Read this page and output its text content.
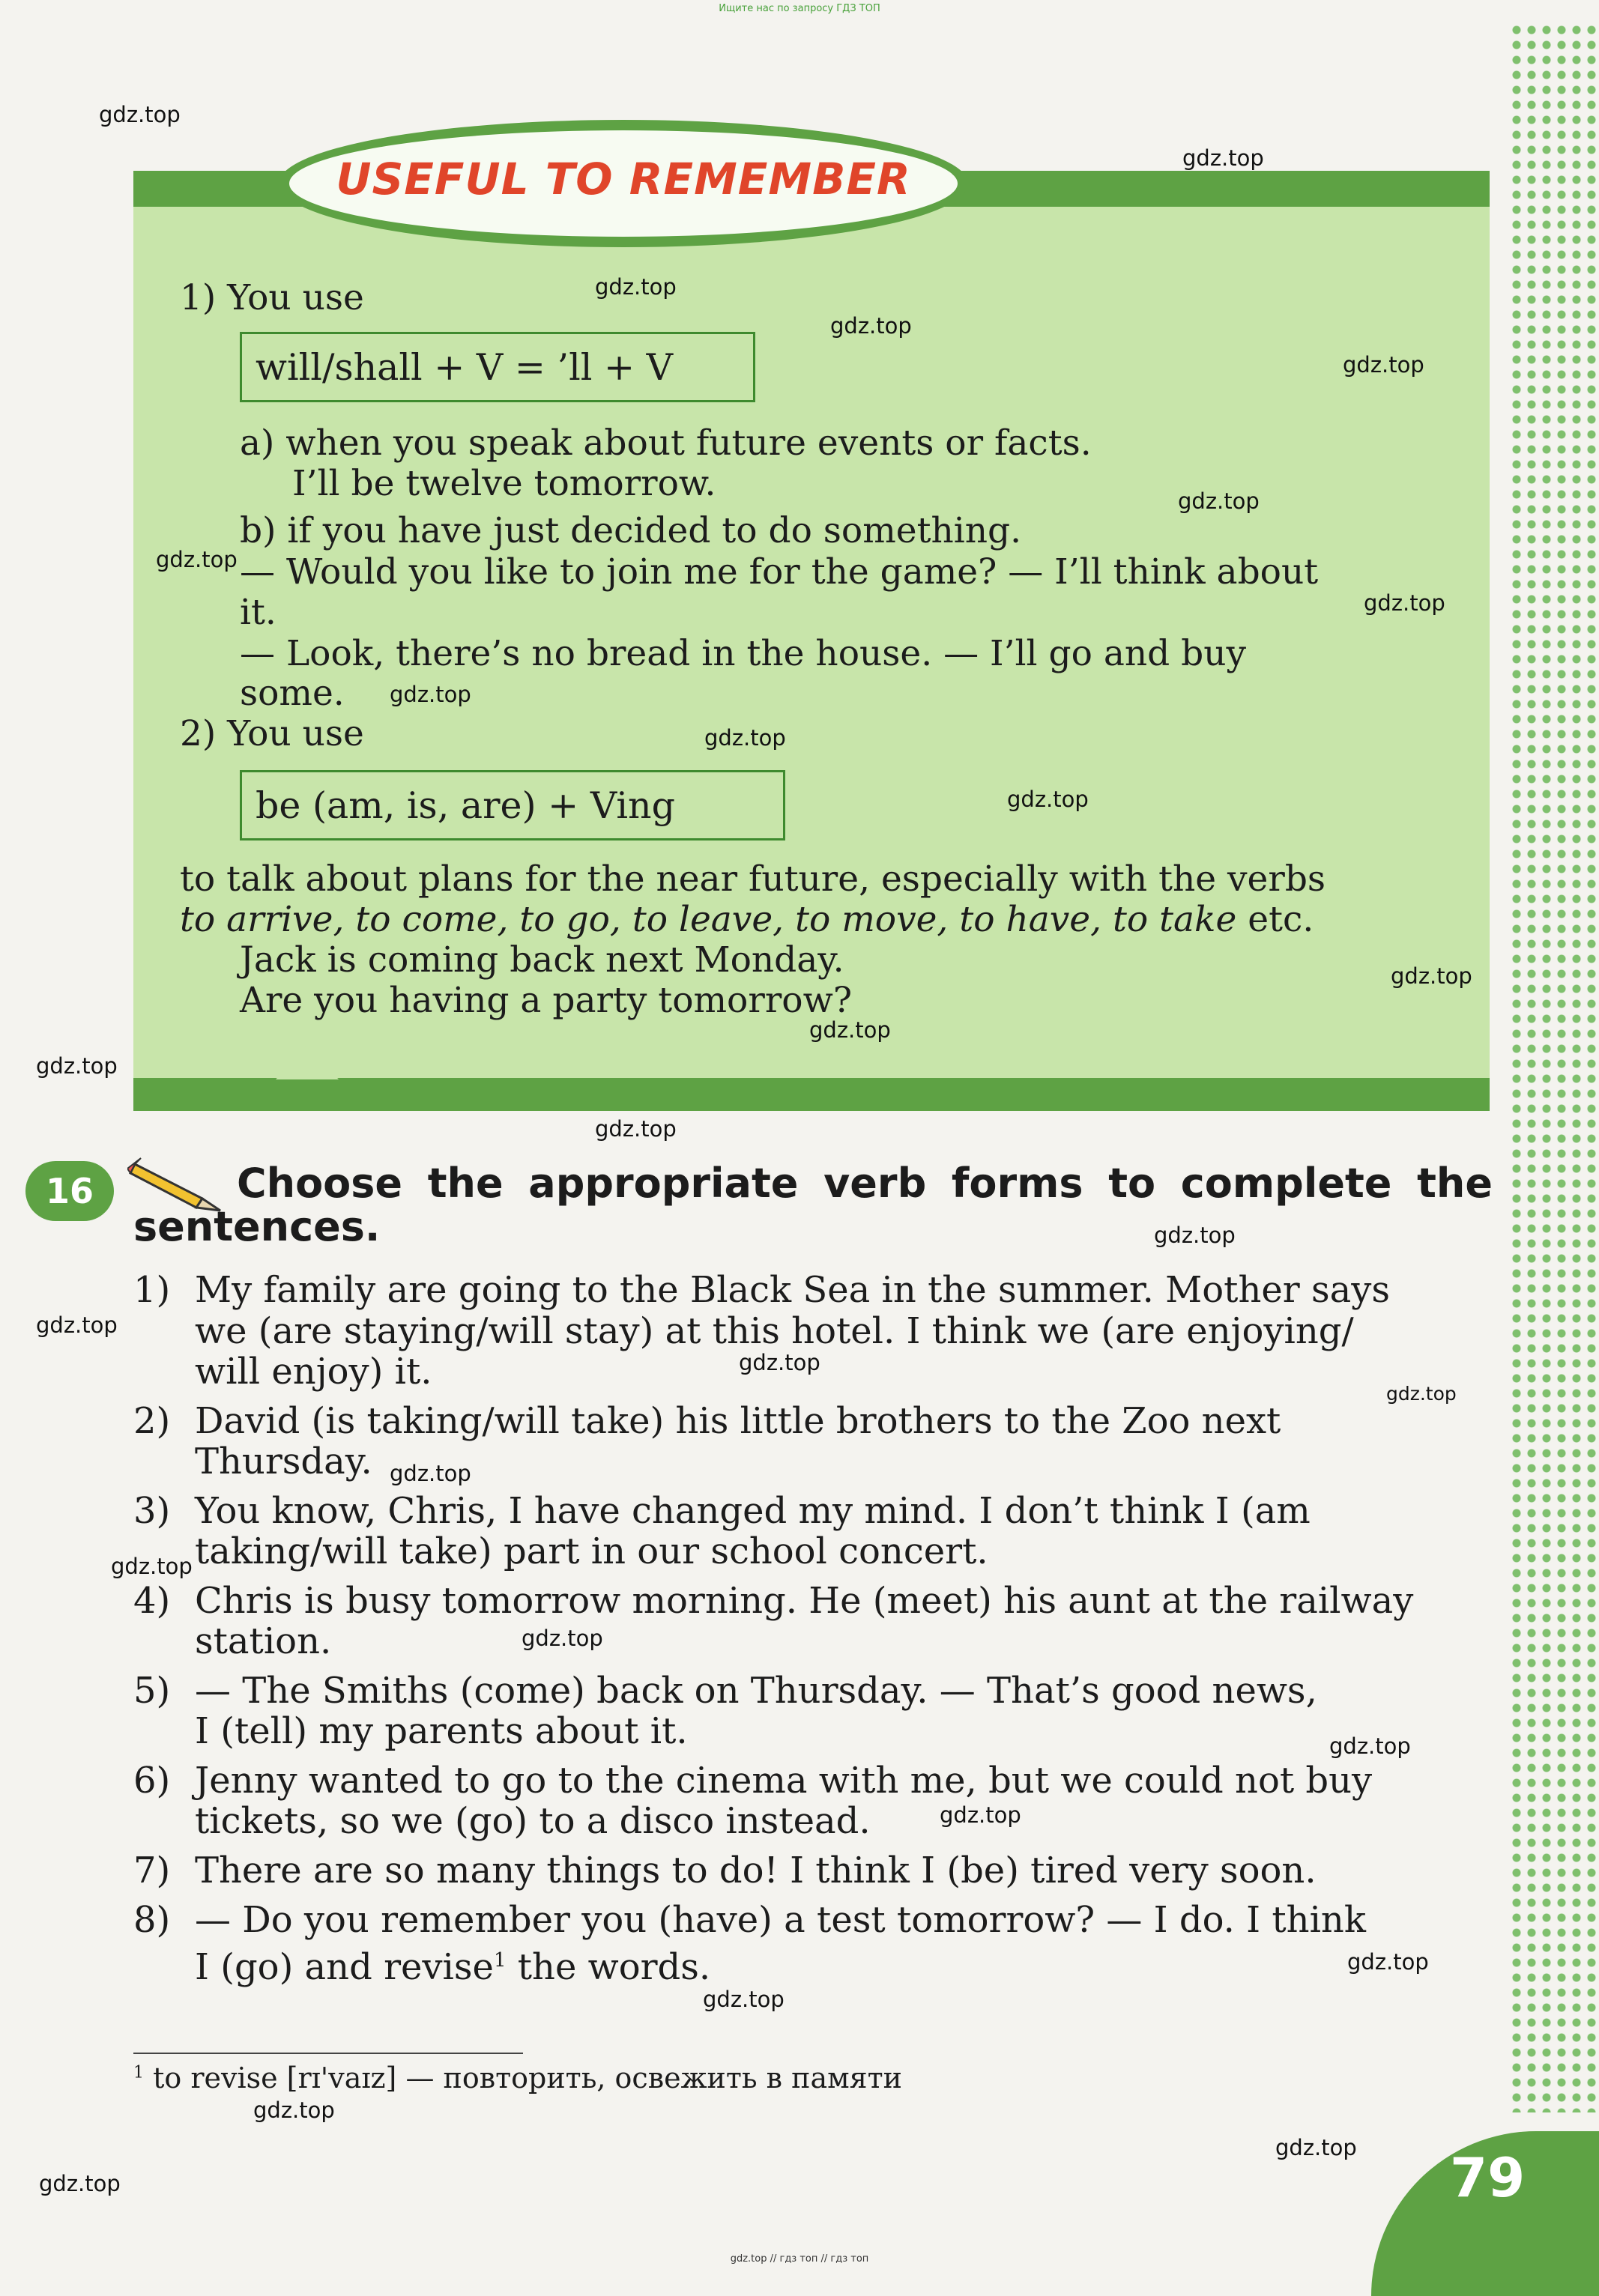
Ищите нас по запросу ГДЗ ТОП
USEFUL TO REMEMBER
1) You use
will/shall + V = ’ll + V
a) when you speak about future events or facts.
I’ll be twelve tomorrow.
b) if you have just decided to do something.
— Would you like to join me for the game? — I’ll think about
it.
— Look, there’s no bread in the house. — I’ll go and buy
some.
2) You use
be (am, is, are) + Ving
to talk about plans for the near future, especially with the verbs
to arrive, to come, to go, to leave, to move, to have, to take etc.
Jack is coming back next Monday.
Are you having a party tomorrow?
16	Choose the appropriate verb forms to complete the
sentences.
1) My family are going to the Black Sea in the summer. Mother says
we (are staying/will stay) at this hotel. I think we (are enjoying/
will enjoy) it.
2) David (is taking/will take) his little brothers to the Zoo next
Thursday.
3) You know, Chris, I have changed my mind. I don’t think I (am
taking/will take) part in our school concert.
4) Chris is busy tomorrow morning. He (meet) his aunt at the railway
station.
5) — The Smiths (come) back on Thursday. — That’s good news,
I (tell) my parents about it.
6) Jenny wanted to go to the cinema with me, but we could not buy
tickets, so we (go) to a disco instead.
7) There are so many things to do! I think I (be) tired very soon.
8) — Do you remember you (have) a test tomorrow? — I do. I think
I (go) and revise$^1$ the words.
$^1$ to revise [rɪ'vaɪz] — повторить, освежить в памяти
79
gdz.top
gdz.top
gdz.top
gdz.top
gdz.top
gdz.top
gdz.top
gdz.top
gdz.top
gdz.top
gdz.top
gdz.top
gdz.top
gdz.top
gdz.top
gdz.top
gdz.top
gdz.top
gdz.top
gdz.top
gdz.top
gdz.top
gdz.top
gdz.top
gdz.top
gdz.top
gdz.top
gdz.top
gdz.top
gdz.top // гдз топ // гдз топ
